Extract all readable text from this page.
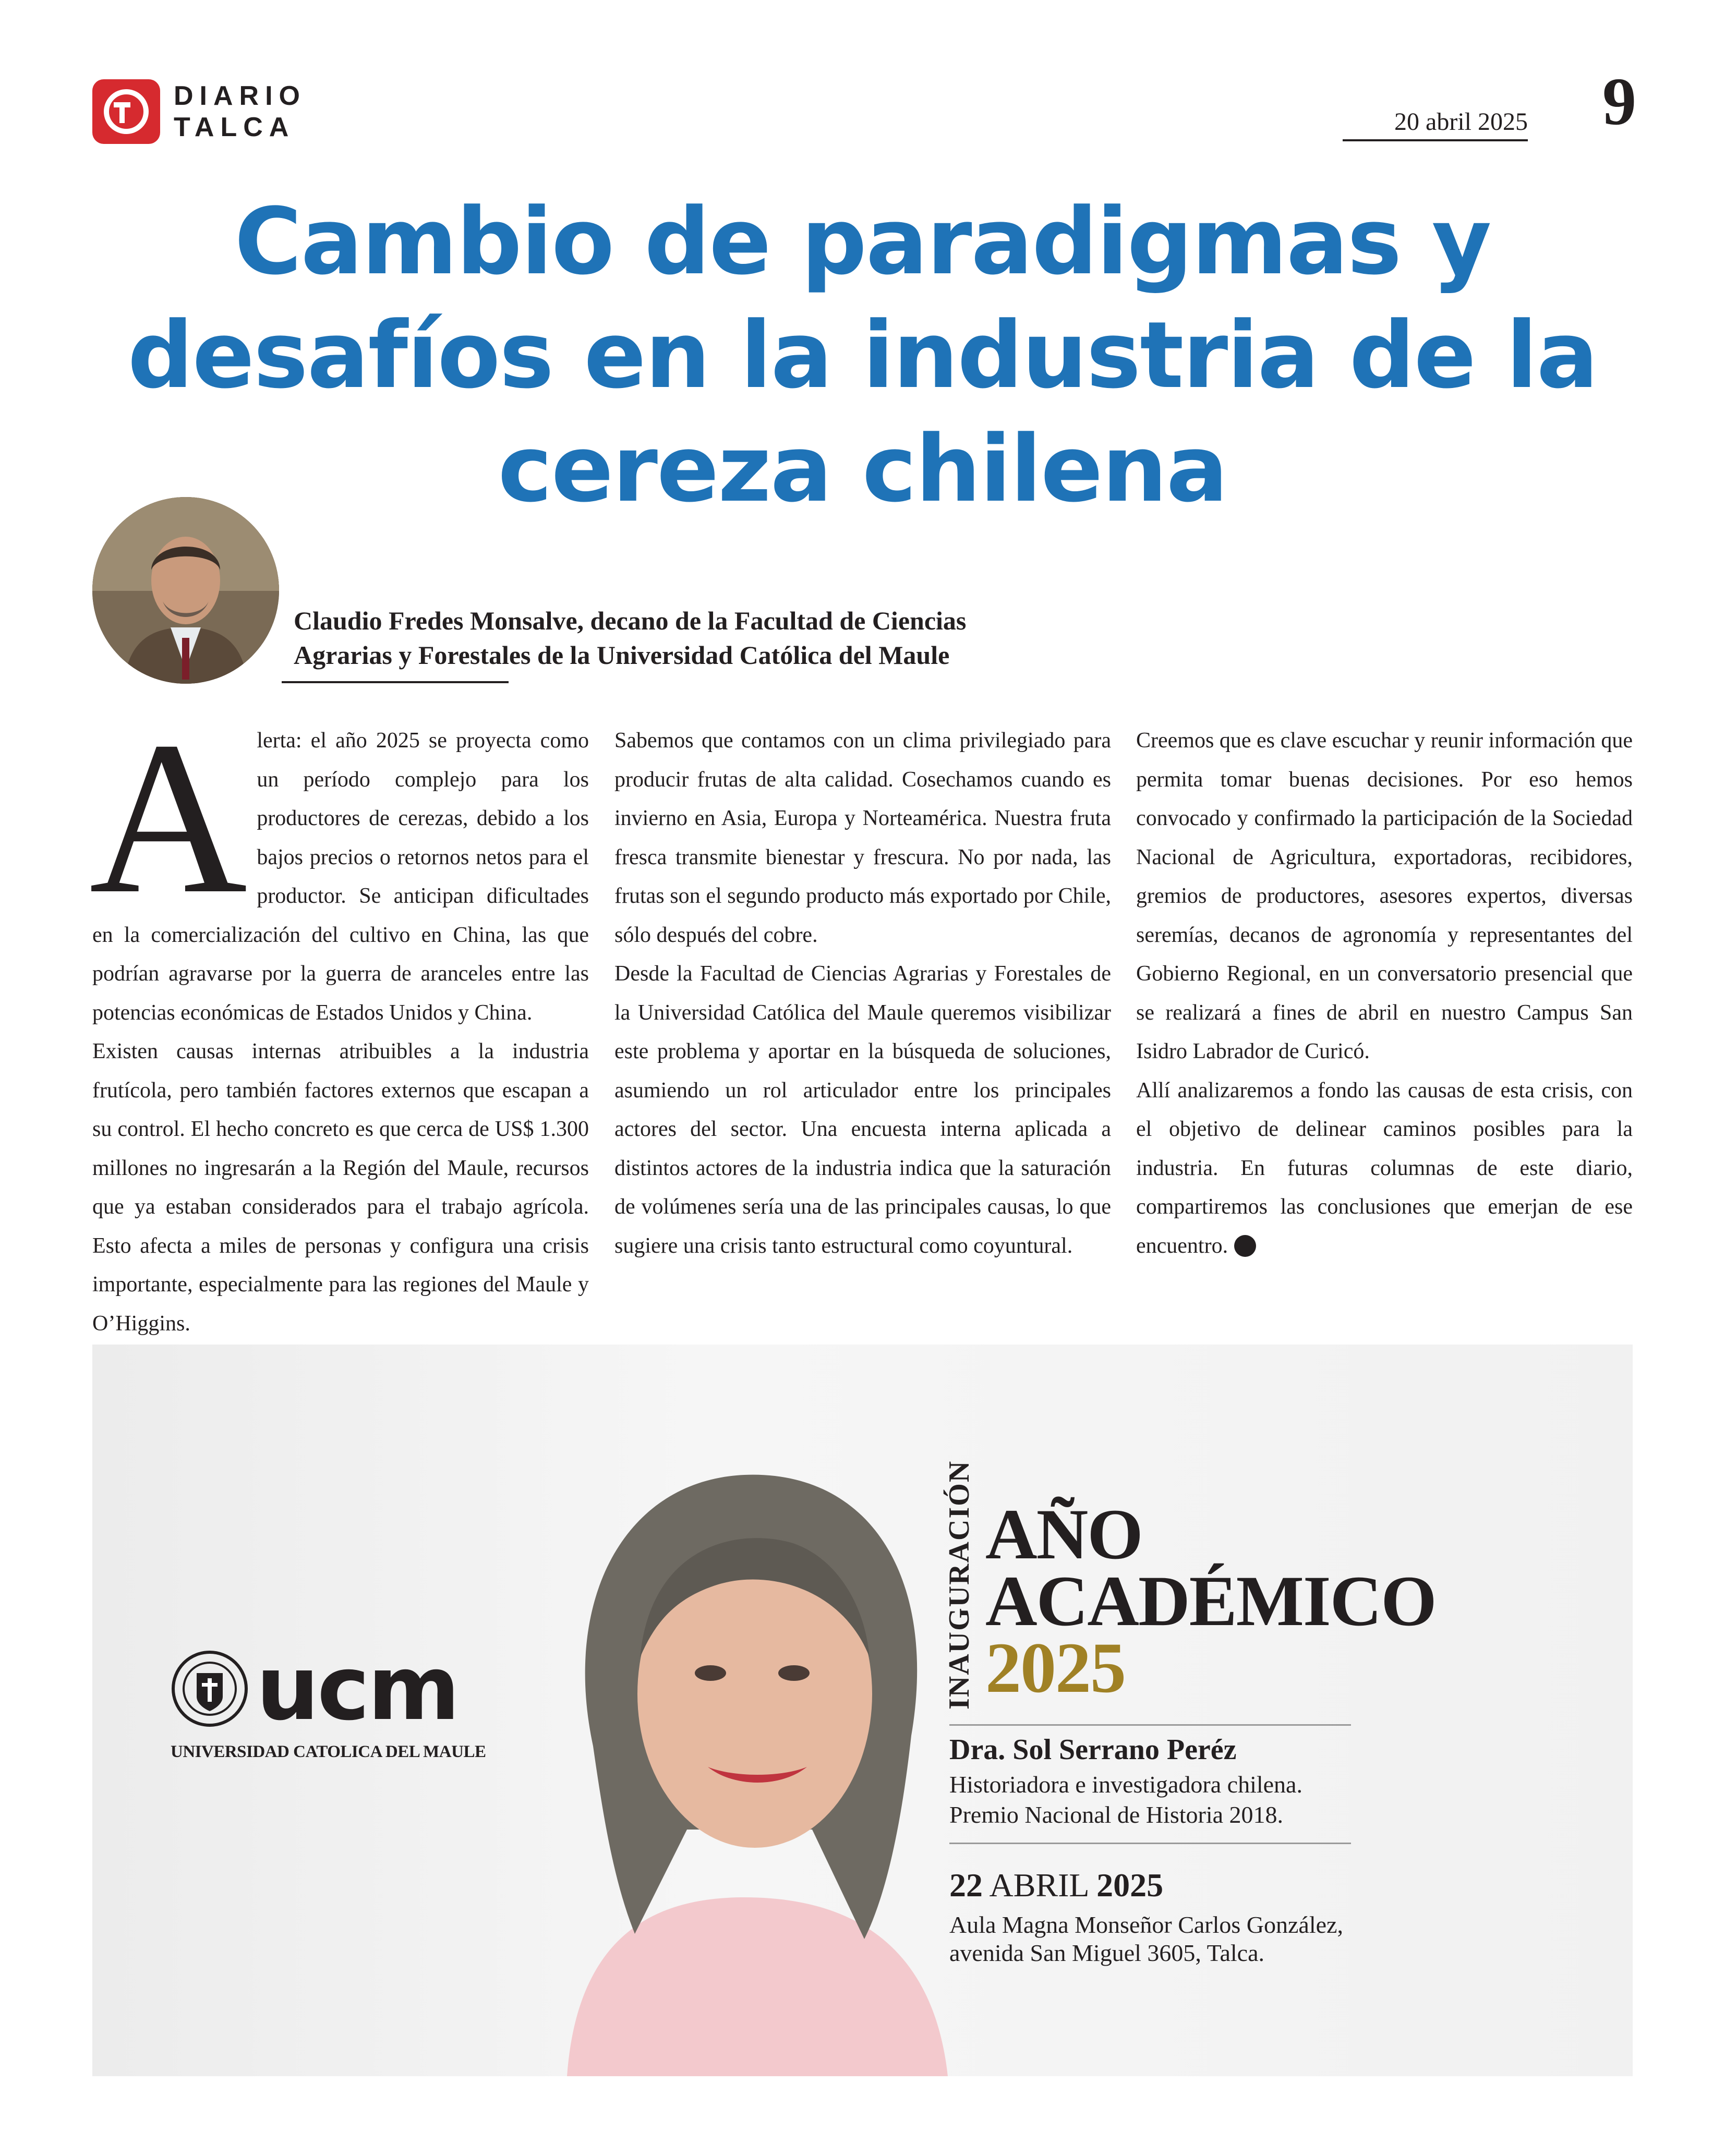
DIARIO
TALCA	20 abril 2025 9
Cambio de paradigmas y desafíos en la industria de la cereza chilena

Claudio Fredes Monsalve, decano de la Facultad de Ciencias Agrarias y Forestales de la Universidad Católica del Maule

Alerta: el año 2025 se proyecta como un período complejo para los productores de cerezas, debido a los bajos precios o retornos netos para el productor. Se anticipan dificultades en la comercialización del cultivo en China, las que podrían agravarse por la guerra de aranceles entre las potencias económicas de Estados Unidos y China.

Existen causas internas atribuibles a la industria frutícola, pero también factores externos que escapan a su control. El hecho concreto es que cerca de US$ 1.300 millones no ingresarán a la Región del Maule, recursos que ya estaban considerados para el trabajo agrícola. Esto afecta a miles de personas y configura una crisis importante, especialmente para las regiones del Maule y O’Higgins.

Sabemos que contamos con un clima privilegiado para producir frutas de alta calidad. Cosechamos cuando es invierno en Asia, Europa y Norteamérica. Nuestra fruta fresca transmite bienestar y frescura. No por nada, las frutas son el segundo producto más exportado por Chile, sólo después del cobre.

Desde la Facultad de Ciencias Agrarias y Forestales de la Universidad Católica del Maule queremos visibilizar este problema y aportar en la búsqueda de soluciones, asumiendo un rol articulador entre los principales actores del sector. Una encuesta interna aplicada a distintos actores de la industria indica que la saturación de volúmenes sería una de las principales causas, lo que sugiere una crisis tanto estructural como coyuntural.

Creemos que es clave escuchar y reunir información que permita tomar buenas decisiones. Por eso hemos convocado y confirmado la participación de la Sociedad Nacional de Agricultura, exportadoras, recibidores, gremios de productores, asesores expertos, diversas seremías, decanos de agronomía y representantes del Gobierno Regional, en un conversatorio presencial que se realizará a fines de abril en nuestro Campus San Isidro Labrador de Curicó.

Allí analizaremos a fondo las causas de esta crisis, con el objetivo de delinear caminos posibles para la industria. En futuras columnas de este diario, compartiremos las conclusiones que emerjan de ese encuentro.

ucm
UNIVERSIDAD CATOLICA DEL MAULE
INAUGURACIÓN AÑO
ACADÉMICO
2025
Dra. Sol Serrano Peréz
Historiadora e investigadora chilena.
Premio Nacional de Historia 2018.
22 ABRIL 2025
Aula Magna Monseñor Carlos González,
avenida San Miguel 3605, Talca.
